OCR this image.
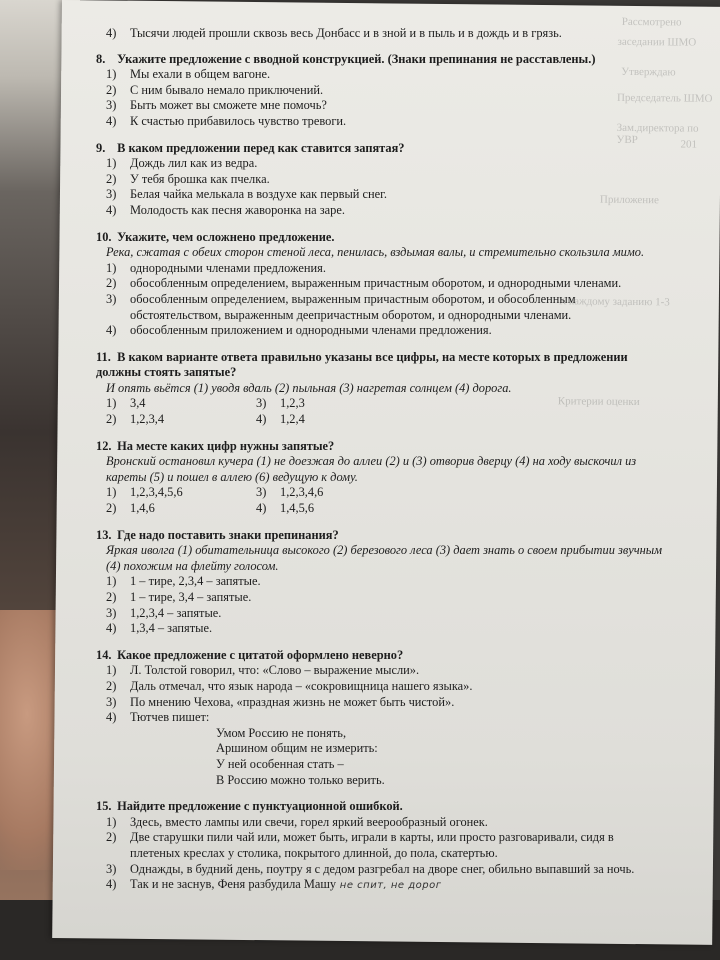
Рассмотрено
заседании ШМО
Председатель ШМО
Зам.директора по УВР	201
Утверждаю
Приложение
К каждому заданию 1-3
Критерии оценки
4)	Тысячи людей прошли сквозь весь Донбасс и в зной и в пыль и в дождь и в грязь.
8. Укажите предложение с вводной конструкцией. (Знаки препинания не расставлены.)
1)	Мы ехали в общем вагоне.
2)	С ним бывало немало приключений.
3)	Быть может вы сможете мне помочь?
4)	К счастью прибавилось чувство тревоги.
9. В каком предложении перед как ставится запятая?
1)	Дождь лил как из ведра.
2)	У тебя брошка как пчелка.
3)	Белая чайка мелькала в воздухе как первый снег.
4)	Молодость как песня жаворонка на заре.
10. Укажите, чем осложнено предложение.
Река, сжатая с обеих сторон стеной леса, пенилась, вздымая валы, и стремительно скользила мимо.
1)	однородными членами предложения.
2)	обособленным определением, выраженным причастным оборотом, и однородными членами.
3)	обособленным определением, выраженным причастным оборотом, и обособленным обстоятельством, выраженным деепричастным оборотом, и однородными членами.
4)	обособленным приложением и однородными членами предложения.
11. В каком варианте ответа правильно указаны все цифры, на месте которых в предложении должны стоять запятые?
И опять вьётся (1) уводя вдаль (2) пыльная (3) нагретая солнцем (4) дорога.
1)	3,4	3)	1,2,3
2)	1,2,3,4	4)	1,2,4
12. На месте каких цифр нужны запятые?
Вронский остановил кучера (1) не доезжая до аллеи (2) и (3) отворив дверцу (4) на ходу выскочил из кареты (5) и пошел в аллею (6) ведущую к дому.
1)	1,2,3,4,5,6	3)	1,2,3,4,6
2)	1,4,6	4)	1,4,5,6
13. Где надо поставить знаки препинания?
Яркая иволга (1) обитательница высокого (2) березового леса (3) дает знать о своем прибытии звучным (4) похожим на флейту голосом.
1)	1 – тире, 2,3,4 – запятые.
2)	1 – тире, 3,4 – запятые.
3)	1,2,3,4 – запятые.
4)	1,3,4 – запятые.
14. Какое предложение с цитатой оформлено неверно?
1)	Л. Толстой говорил, что: «Слово – выражение мысли».
2)	Даль отмечал, что язык народа – «сокровищница нашего языка».
3)	По мнению Чехова, «праздная жизнь не может быть чистой».
4)	Тютчев пишет:
Умом Россию не понять,
Аршином общим не измерить:
У ней особенная стать –
В Россию можно только верить.
15. Найдите предложение с пунктуационной ошибкой.
1)	Здесь, вместо лампы или свечи, горел яркий веерообразный огонек.
2)	Две старушки пили чай или, может быть, играли в карты, или просто разговаривали, сидя в плетеных креслах у столика, покрытого длинной, до пола, скатертью.
3)	Однажды, в будний день, поутру я с дедом разгребал на дворе снег, обильно выпавший за ночь.
4)	Так и не заснув, Феня разбудила Машу не спит, не дорог
